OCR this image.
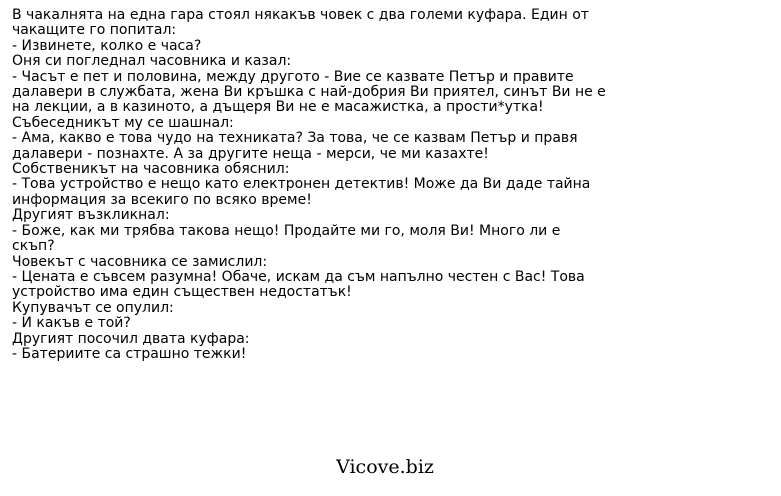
В чакалнята на една гара стоял някакъв човек с два големи куфара. Един от
чакащите го попитал:
- Извинете, колко е часа?
Оня си погледнал часовника и казал:
- Часът е пет и половина, между другото - Вие се казвате Петър и правите
далавери в службата, жена Ви кръшка с най-добрия Ви приятел, синът Ви не е
на лекции, а в казиното, а дъщеря Ви не е масажистка, а прости*утка!
Събеседникът му се шашнал:
- Ама, какво е това чудо на техниката? За това, че се казвам Петър и правя
далавери - познахте. А за другите неща - мерси, че ми казахте!
Собственикът на часовника обяснил:
- Това устройство е нещо като електронен детектив! Може да Ви даде тайна
информация за всекиго по всяко време!
Другият възкликнал:
- Боже, как ми трябва такова нещо! Продайте ми го, моля Ви! Много ли е
скъп?
Човекът с часовника се замислил:
- Цената е съвсем разумна! Обаче, искам да съм напълно честен с Вас! Това
устройство има един съществен недостатък!
Купувачът се опулил:
- И какъв е той?
Другият посочил двата куфара:
- Батериите са страшно тежки!
Vicove.biz
